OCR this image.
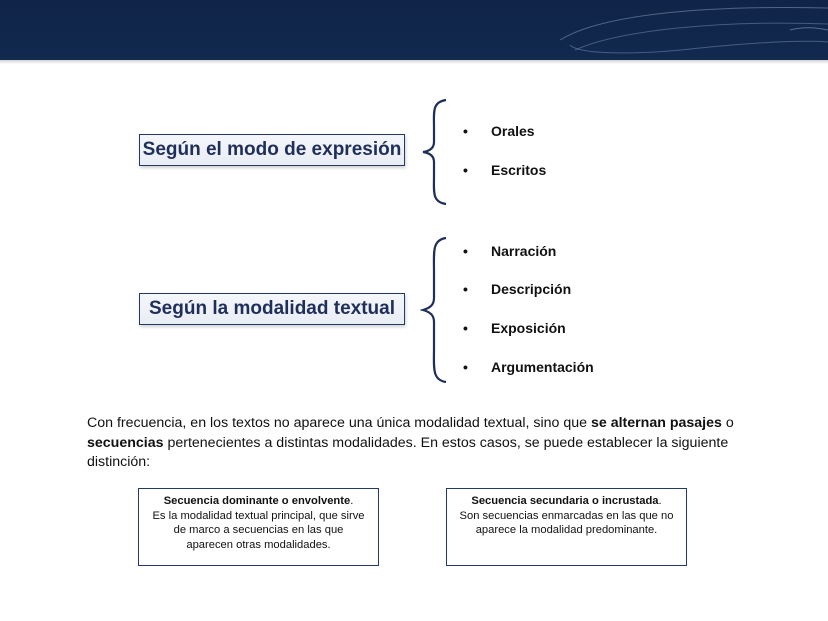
Según el modo de expresión
• Orales
• Escritos
Según la modalidad textual
• Narración
• Descripción
• Exposición
• Argumentación
Con frecuencia, en los textos no aparece una única modalidad textual, sino que se alternan pasajes o secuencias pertenecientes a distintas modalidades. En estos casos, se puede establecer la siguiente distinción:
Secuencia dominante o envolvente.
Es la modalidad textual principal, que sirve de marco a secuencias en las que aparecen otras modalidades.
Secuencia secundaria o incrustada.
Son secuencias enmarcadas en las que no aparece la modalidad predominante.
